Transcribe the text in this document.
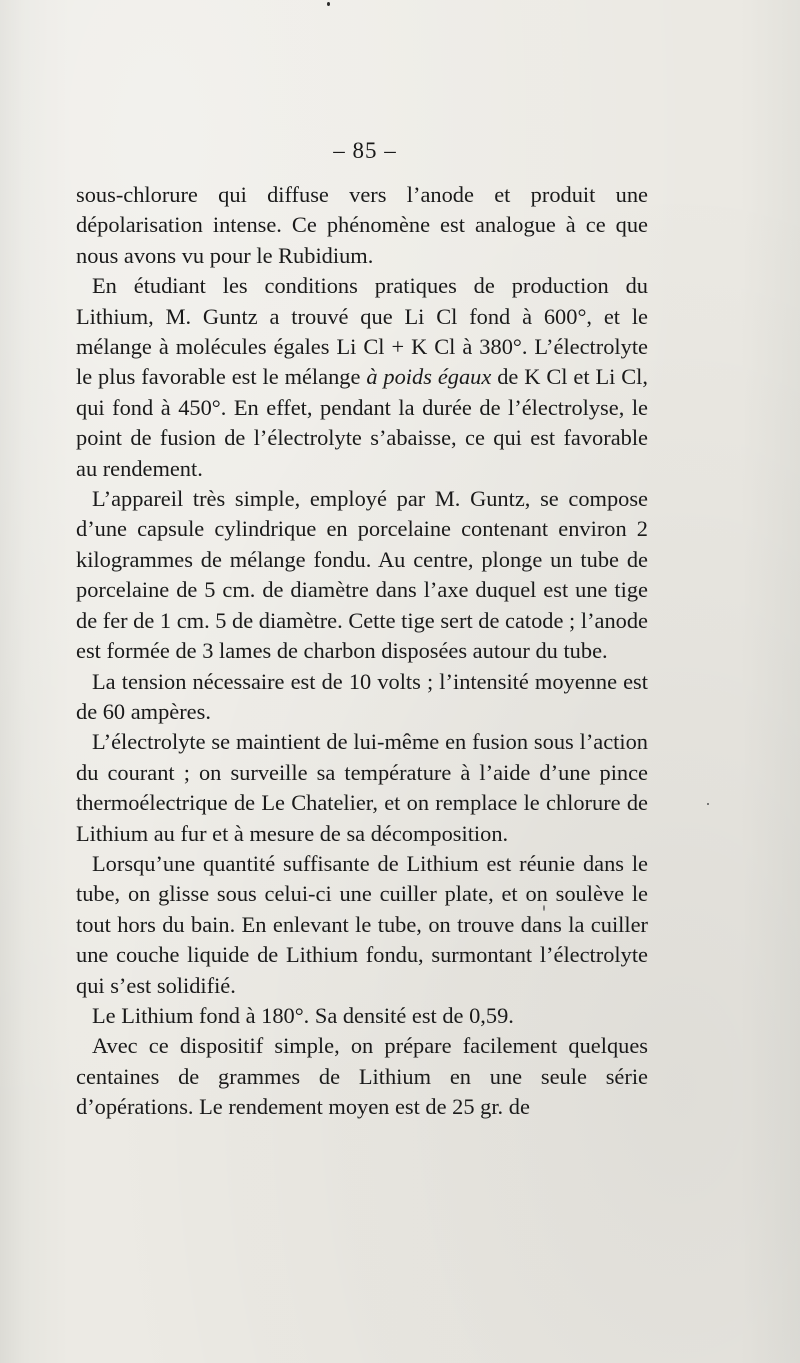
– 85 –

sous-chlorure qui diffuse vers l’anode et produit une dépolarisation intense. Ce phénomène est analogue à ce que nous avons vu pour le Rubidium.

En étudiant les conditions pratiques de production du Lithium, M. Guntz a trouvé que Li Cl fond à 600°, et le mélange à molécules égales Li Cl + K Cl à 380°. L’électrolyte le plus favorable est le mélange à poids égaux de K Cl et Li Cl, qui fond à 450°. En effet, pendant la durée de l’électrolyse, le point de fusion de l’électrolyte s’abaisse, ce qui est favorable au rendement.

L’appareil très simple, employé par M. Guntz, se compose d’une capsule cylindrique en porcelaine contenant environ 2 kilogrammes de mélange fondu. Au centre, plonge un tube de porcelaine de 5 cm. de diamètre dans l’axe duquel est une tige de fer de 1 cm. 5 de diamètre. Cette tige sert de catode ; l’anode est formée de 3 lames de charbon disposées autour du tube.

La tension nécessaire est de 10 volts ; l’intensité moyenne est de 60 ampères.

L’électrolyte se maintient de lui-même en fusion sous l’action du courant ; on surveille sa température à l’aide d’une pince thermoélectrique de Le Chatelier, et on remplace le chlorure de Lithium au fur et à mesure de sa décomposition.

Lorsqu’une quantité suffisante de Lithium est réunie dans le tube, on glisse sous celui-ci une cuiller plate, et on soulève le tout hors du bain. En enlevant le tube, on trouve dans la cuiller une couche liquide de Lithium fondu, surmontant l’électrolyte qui s’est solidifié.

Le Lithium fond à 180°. Sa densité est de 0,59.

Avec ce dispositif simple, on prépare facilement quelques centaines de grammes de Lithium en une seule série d’opérations. Le rendement moyen est de 25 gr. de
